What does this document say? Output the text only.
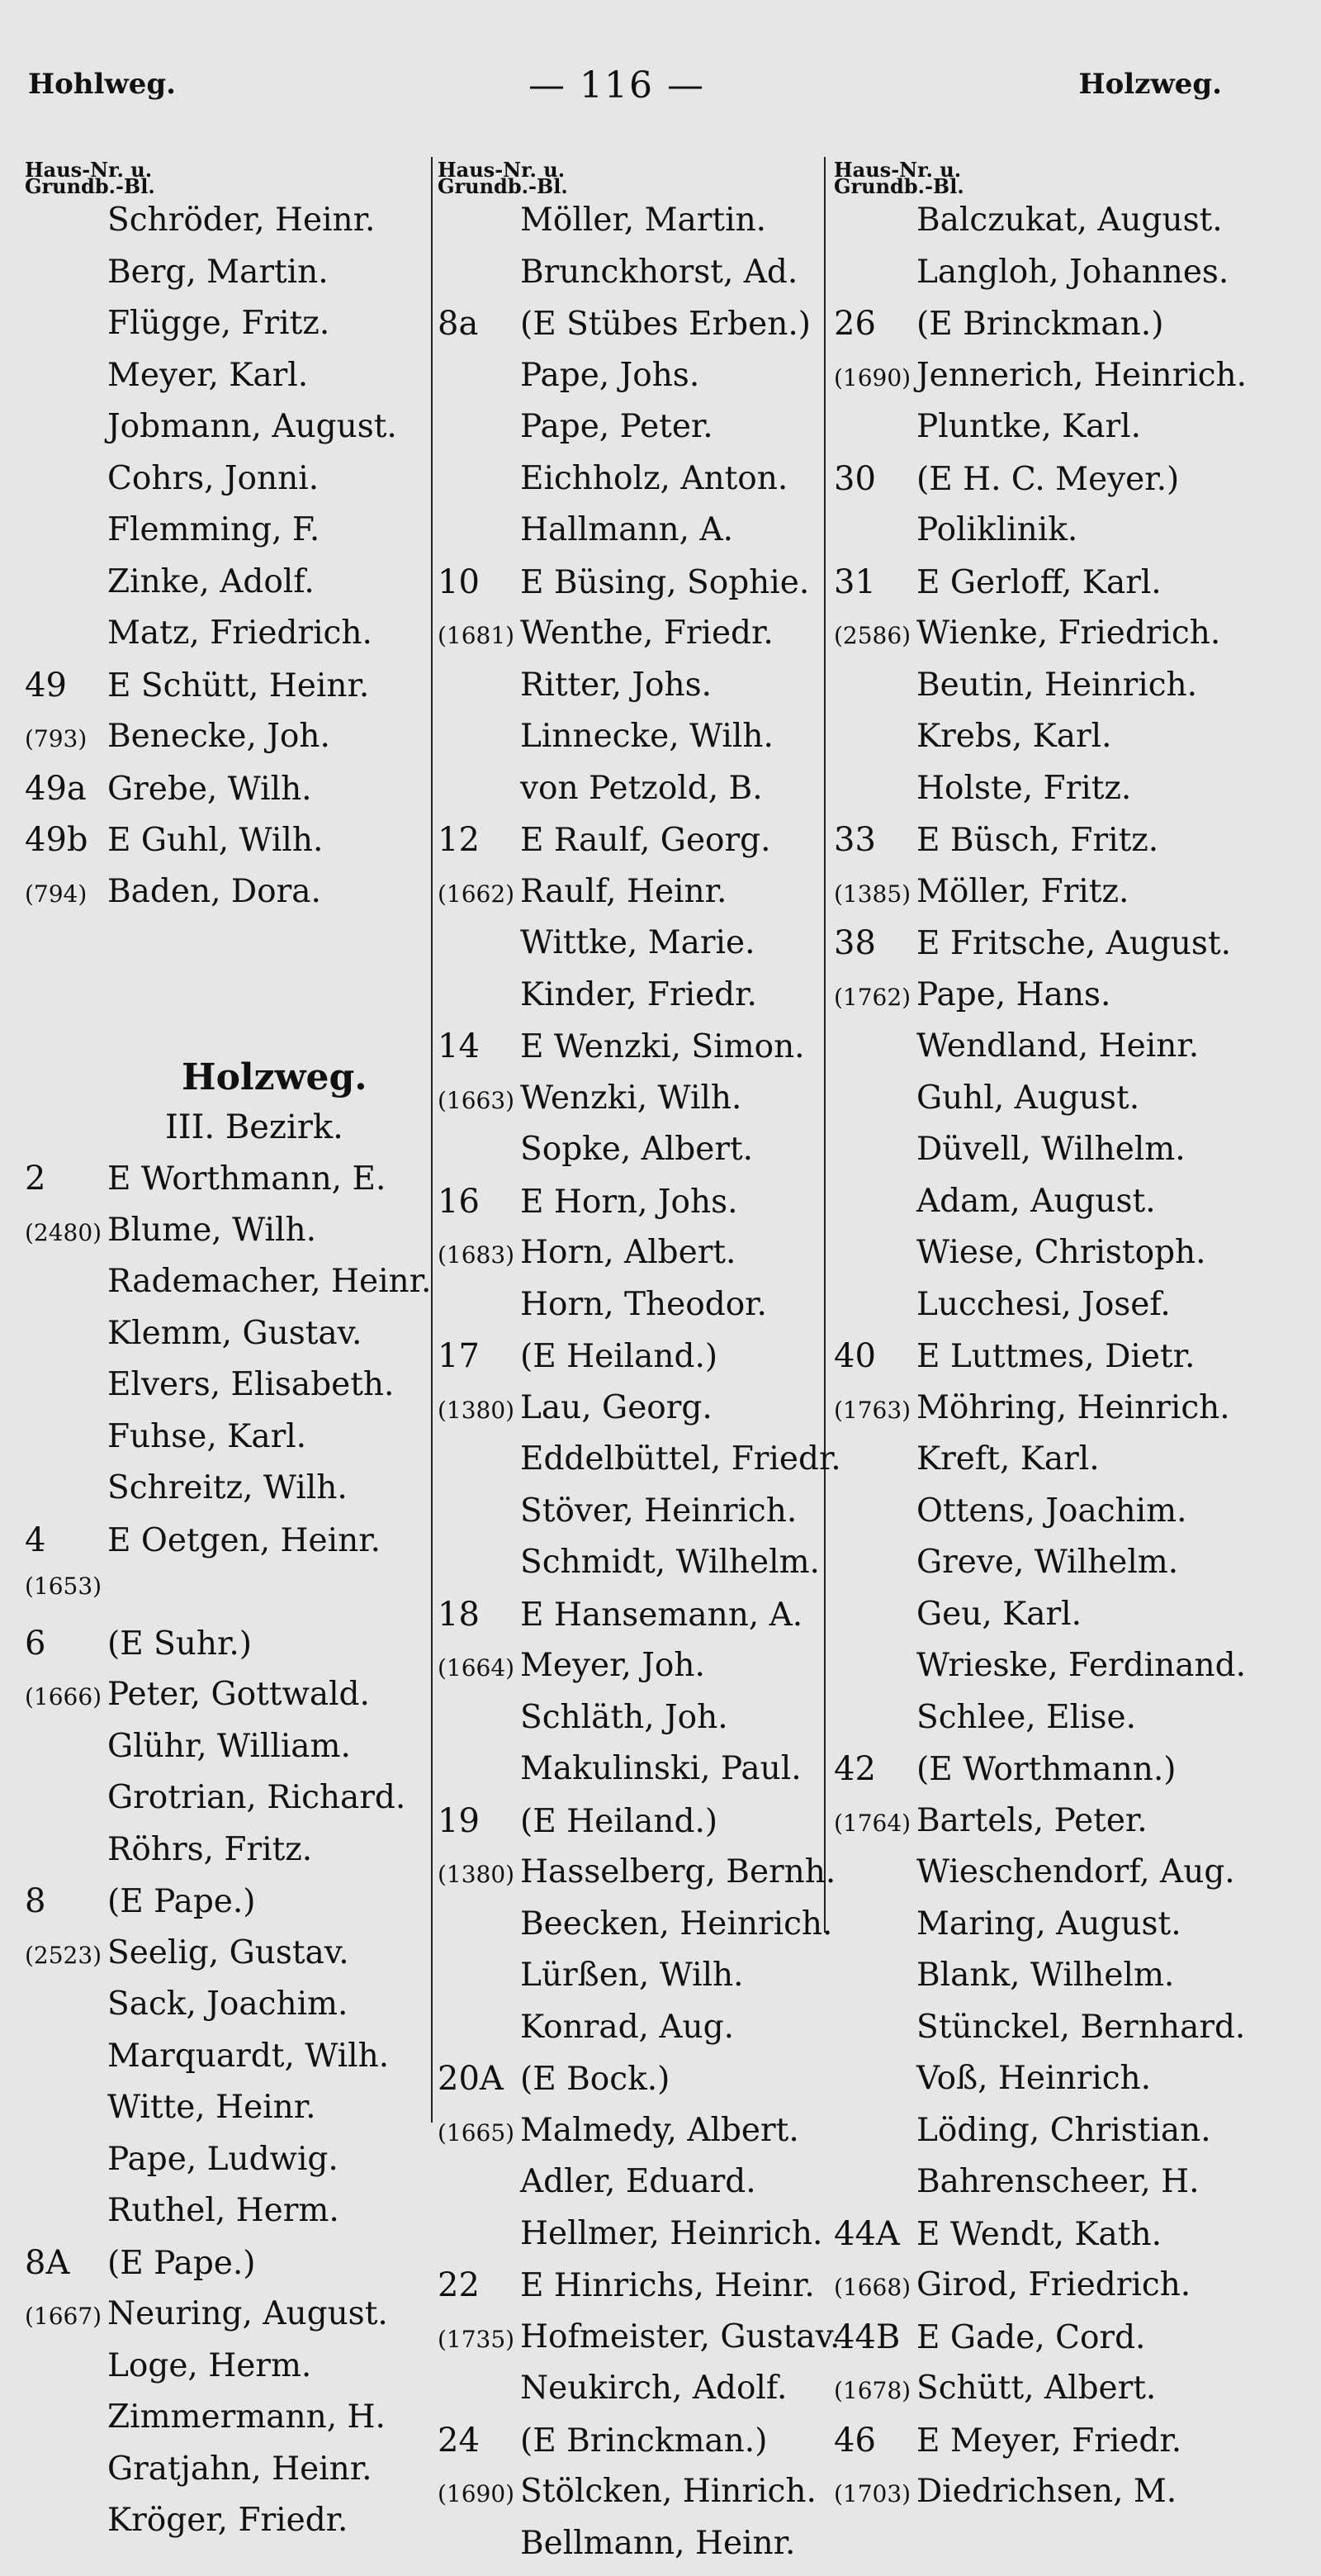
Hohlweg.	— 116 —	Holzweg.
Haus-Nr. u.
Grundb.-Bl.
Schröder, Heinr.
Berg, Martin.
Flügge, Fritz.
Meyer, Karl.
Jobmann, August.
Cohrs, Jonni.
Flemming, F.
Zinke, Adolf.
Matz, Friedrich.
49	E Schütt, Heinr.
(793) Benecke, Joh.
49a Grebe, Wilh.
49b E Guhl, Wilh.
(794) Baden, Dora.
Holzweg.
III. Bezirk.
2	E Worthmann, E.
(2480) Blume, Wilh.
Rademacher, Heinr.
Klemm, Gustav.
Elvers, Elisabeth.
Fuhse, Karl.
Schreitz, Wilh.
4	E Oetgen, Heinr.
(1653)
6	(E Suhr.)
(1666) Peter, Gottwald.
Glühr, William.
Grotrian, Richard.
Röhrs, Fritz.
8	(E Pape.)
(2523) Seelig, Gustav.
Sack, Joachim.
Marquardt, Wilh.
Witte, Heinr.
Pape, Ludwig.
Ruthel, Herm.
8A	(E Pape.)
(1667) Neuring, August.
Loge, Herm.
Zimmermann, H.
Gratjahn, Heinr.
Kröger, Friedr.
Haus-Nr. u.
Grundb.-Bl.
Möller, Martin.
Brunckhorst, Ad.
8a	(E Stübes Erben.)
Pape, Johs.
Pape, Peter.
Eichholz, Anton.
Hallmann, A.
10	E Büsing, Sophie.
(1681) Wenthe, Friedr.
Ritter, Johs.
Linnecke, Wilh.
von Petzold, B.
12	E Raulf, Georg.
(1662) Raulf, Heinr.
Wittke, Marie.
Kinder, Friedr.
14	E Wenzki, Simon.
(1663) Wenzki, Wilh.
Sopke, Albert.
16	E Horn, Johs.
(1683) Horn, Albert.
Horn, Theodor.
17	(E Heiland.)
(1380) Lau, Georg.
Eddelbüttel, Friedr.
Stöver, Heinrich.
Schmidt, Wilhelm.
18	E Hansemann, A.
(1664) Meyer, Joh.
Schläth, Joh.
Makulinski, Paul.
19	(E Heiland.)
(1380) Hasselberg, Bernh.
Beecken, Heinrich.
Lürßen, Wilh.
Konrad, Aug.
20A (E Bock.)
(1665) Malmedy, Albert.
Adler, Eduard.
Hellmer, Heinrich.
22	E Hinrichs, Heinr.
(1735) Hofmeister, Gustav.
Neukirch, Adolf.
24	(E Brinckman.)
(1690) Stölcken, Hinrich.
Bellmann, Heinr.
Haus-Nr. u.
Grundb.-Bl.
Balczukat, August.
Langloh, Johannes.
26	(E Brinckman.)
(1690) Jennerich, Heinrich.
Pluntke, Karl.
30	(E H. C. Meyer.)
Poliklinik.
31	E Gerloff, Karl.
(2586) Wienke, Friedrich.
Beutin, Heinrich.
Krebs, Karl.
Holste, Fritz.
33	E Büsch, Fritz.
(1385) Möller, Fritz.
38	E Fritsche, August.
(1762) Pape, Hans.
Wendland, Heinr.
Guhl, August.
Düvell, Wilhelm.
Adam, August.
Wiese, Christoph.
Lucchesi, Josef.
40	E Luttmes, Dietr.
(1763) Möhring, Heinrich.
Kreft, Karl.
Ottens, Joachim.
Greve, Wilhelm.
Geu, Karl.
Wrieske, Ferdinand.
Schlee, Elise.
42	(E Worthmann.)
(1764) Bartels, Peter.
Wieschendorf, Aug.
Maring, August.
Blank, Wilhelm.
Stünckel, Bernhard.
Voß, Heinrich.
Löding, Christian.
Bahrenscheer, H.
44A E Wendt, Kath.
(1668) Girod, Friedrich.
44B E Gade, Cord.
(1678) Schütt, Albert.
46	E Meyer, Friedr.
(1703) Diedrichsen, M.
